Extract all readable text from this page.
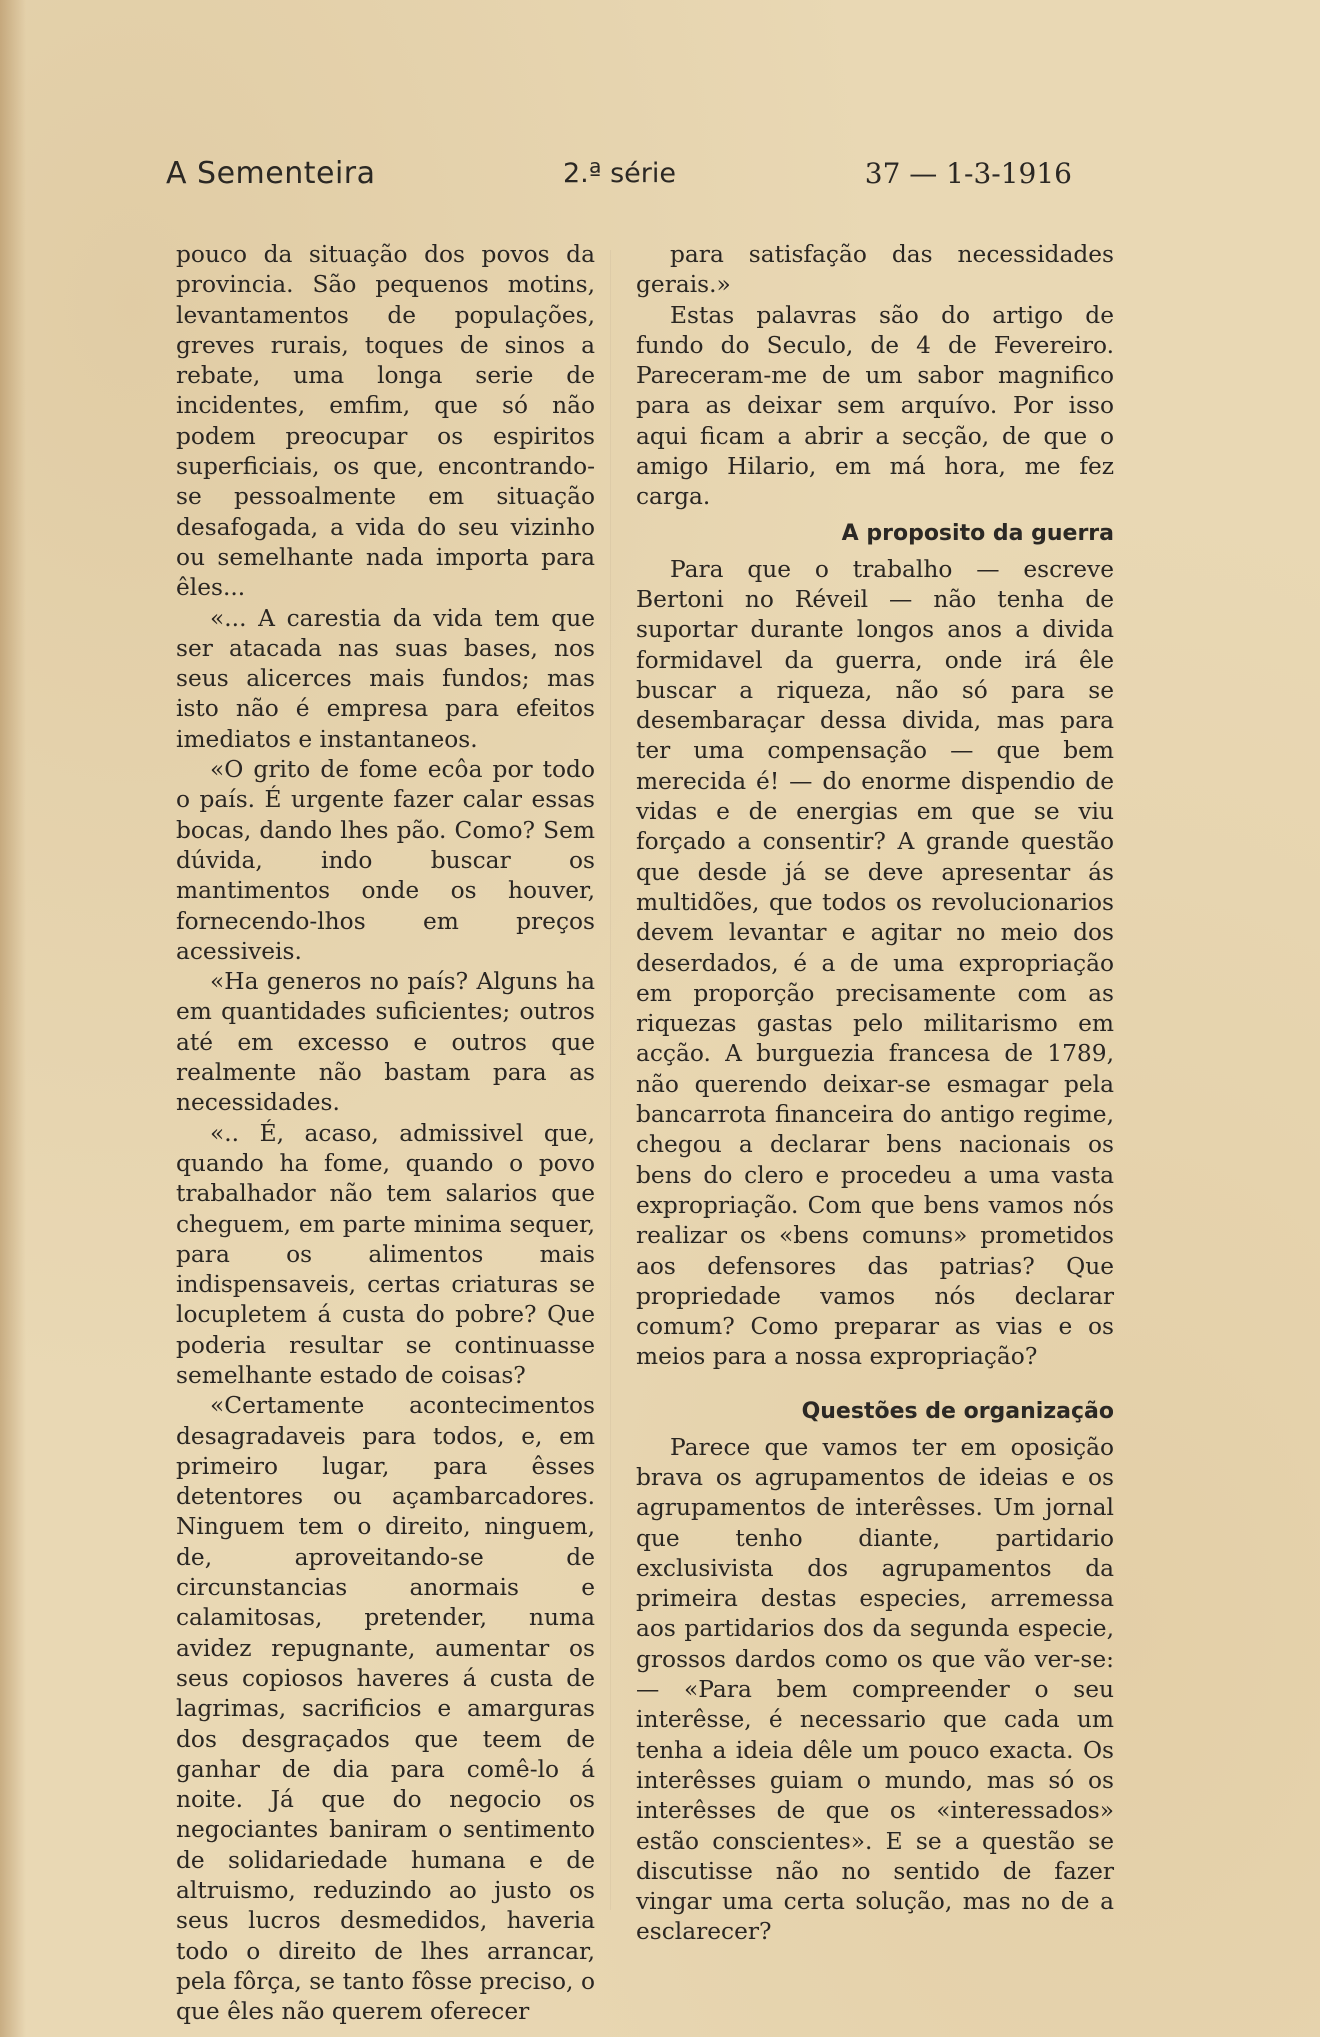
A Sementeira	2.ª série	37 — 1-3-1916

pouco da situação dos povos da provincia. São pequenos motins, levantamentos de populações, greves rurais, toques de sinos a rebate, uma longa serie de incidentes, emfim, que só não podem preocupar os espiritos superficiais, os que, encontrando-se pessoalmente em situação desafogada, a vida do seu vizinho ou semelhante nada importa para êles...

«... A carestia da vida tem que ser atacada nas suas bases, nos seus alicerces mais fundos; mas isto não é empresa para efeitos imediatos e instantaneos.

«O grito de fome ecôa por todo o país. É urgente fazer calar essas bocas, dando lhes pão. Como? Sem dúvida, indo buscar os mantimentos onde os houver, fornecendo-lhos em preços acessiveis.

«Ha generos no país? Alguns ha em quantidades suficientes; outros até em excesso e outros que realmente não bastam para as necessidades.

«.. É, acaso, admissivel que, quando ha fome, quando o povo trabalhador não tem salarios que cheguem, em parte minima sequer, para os alimentos mais indispensaveis, certas criaturas se locupletem á custa do pobre? Que poderia resultar se continuasse semelhante estado de coisas?

«Certamente acontecimentos desagradaveis para todos, e, em primeiro lugar, para êsses detentores ou açambarcadores. Ninguem tem o direito, ninguem, de, aproveitando-se de circunstancias anormais e calamitosas, pretender, numa avidez repugnante, aumentar os seus copiosos haveres á custa de lagrimas, sacrificios e amarguras dos desgraçados que teem de ganhar de dia para comê-lo á noite. Já que do negocio os negociantes baniram o sentimento de solidariedade humana e de altruismo, reduzindo ao justo os seus lucros desmedidos, haveria todo o direito de lhes arrancar, pela fôrça, se tanto fôsse preciso, o que êles não querem oferecer

para satisfação das necessidades gerais.»

Estas palavras são do artigo de fundo do Seculo, de 4 de Fevereiro. Pareceram-me de um sabor magnifico para as deixar sem arquívo. Por isso aqui ficam a abrir a secção, de que o amigo Hilario, em má hora, me fez carga.

A proposito da guerra

Para que o trabalho — escreve Bertoni no Réveil — não tenha de suportar durante longos anos a divida formidavel da guerra, onde irá êle buscar a riqueza, não só para se desembaraçar dessa divida, mas para ter uma compensação — que bem merecida é! — do enorme dispendio de vidas e de energias em que se viu forçado a consentir? A grande questão que desde já se deve apresentar ás multidões, que todos os revolucionarios devem levantar e agitar no meio dos deserdados, é a de uma expropriação em proporção precisamente com as riquezas gastas pelo militarismo em acção. A burguezia francesa de 1789, não querendo deixar-se esmagar pela bancarrota financeira do antigo regime, chegou a declarar bens nacionais os bens do clero e procedeu a uma vasta expropriação. Com que bens vamos nós realizar os «bens comuns» prometidos aos defensores das patrias? Que propriedade vamos nós declarar comum? Como preparar as vias e os meios para a nossa expropriação?

Questões de organização

Parece que vamos ter em oposição brava os agrupamentos de ideias e os agrupamentos de interêsses. Um jornal que tenho diante, partidario exclusivista dos agrupamentos da primeira destas especies, arremessa aos partidarios dos da segunda especie, grossos dardos como os que vão ver-se: — «Para bem compreender o seu interêsse, é necessario que cada um tenha a ideia dêle um pouco exacta. Os interêsses guiam o mundo, mas só os interêsses de que os «interessados» estão conscientes». E se a questão se discutisse não no sentido de fazer vingar uma certa solução, mas no de a esclarecer?
